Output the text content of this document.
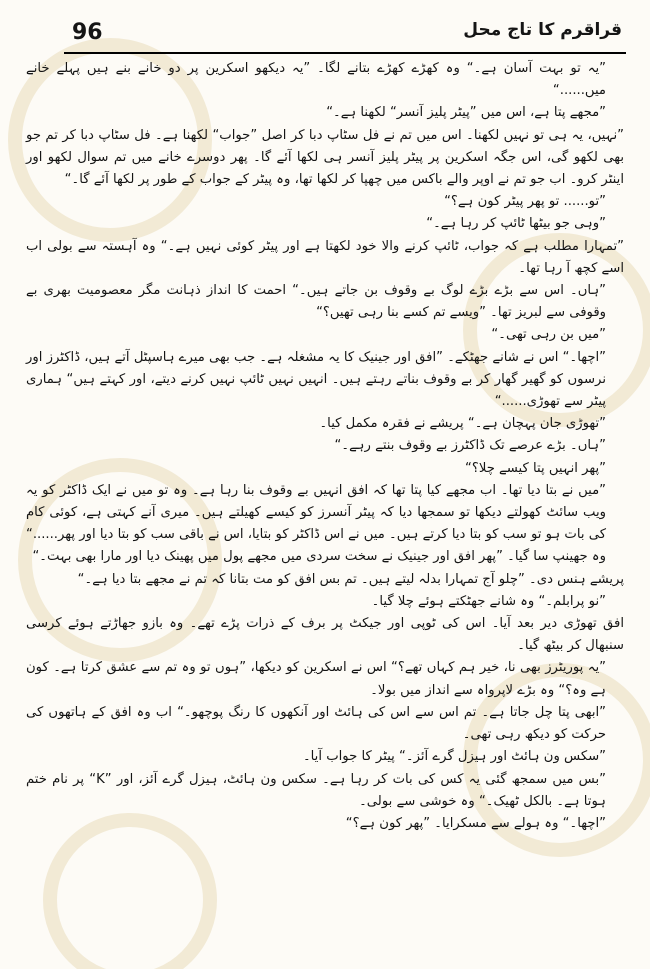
96	قراقرم کا تاج محل

”یہ تو بہت آسان ہے۔“ وہ کھڑے کھڑے بتانے لگا۔ ”یہ دیکھو اسکرین پر دو خانے بنے ہیں پہلے خانے میں......“

”مجھے پتا ہے، اس میں ”پیٹر پلیز آنسر“ لکھنا ہے۔“

”نہیں، یہ ہی تو نہیں لکھنا۔ اس میں تم نے فل سٹاپ دبا کر اصل ”جواب“ لکھنا ہے۔ فل سٹاپ دبا کر تم جو بھی لکھو گی، اس جگہ اسکرین پر پیٹر پلیز آنسر ہی لکھا آئے گا۔ پھر دوسرے خانے میں تم سوال لکھو اور اینٹر کرو۔ اب جو تم نے اوپر والے باکس میں چھپا کر لکھا تھا، وہ پیٹر کے جواب کے طور پر لکھا آئے گا۔“

”تو...... تو پھر پیٹر کون ہے؟“

”وہی جو بیٹھا ٹائپ کر رہا ہے۔“

”تمہارا مطلب ہے کہ جواب، ٹائپ کرنے والا خود لکھتا ہے اور پیٹر کوئی نہیں ہے۔“ وہ آہستہ سے بولی اب اسے کچھ آ رہا تھا۔

”ہاں۔ اس سے بڑے بڑے لوگ بے وقوف بن جاتے ہیں۔“ احمت کا انداز ذہانت مگر معصومیت بھری بے وقوفی سے لبریز تھا۔ ”ویسے تم کسے بنا رہی تھیں؟“

”میں بن رہی تھی۔“

”اچھا۔“ اس نے شانے جھٹکے۔ ”افق اور جینیک کا یہ مشغلہ ہے۔ جب بھی میرے ہاسپٹل آتے ہیں، ڈاکٹرز اور نرسوں کو گھیر گھار کر بے وقوف بناتے رہتے ہیں۔ انہیں نہیں ٹائپ نہیں کرنے دیتے، اور کہتے ہیں“ ہماری پیٹر سے تھوڑی......“

”تھوڑی جان پہچان ہے۔“ پریشے نے فقرہ مکمل کیا۔

”ہاں۔ بڑے عرصے تک ڈاکٹرز بے وقوف بنتے رہے۔“

”پھر انہیں پتا کیسے چلا؟“

”میں نے بتا دیا تھا۔ اب مجھے کیا پتا تھا کہ افق انہیں بے وقوف بنا رہا ہے۔ وہ تو میں نے ایک ڈاکٹر کو یہ ویب سائٹ کھولتے دیکھا تو سمجھا دیا کہ پیٹر آنسرز کو کیسے کھیلتے ہیں۔ میری آنے کہتی ہے، کوئی کام کی بات ہو تو سب کو بتا دیا کرتے ہیں۔ میں نے اس ڈاکٹر کو بتایا، اس نے باقی سب کو بتا دیا اور پھر......“ وہ جھینپ سا گیا۔ ”پھر افق اور جینیک نے سخت سردی میں مجھے پول میں پھینک دیا اور مارا بھی بہت۔“

پریشے ہنس دی۔ ”چلو آج تمہارا بدلہ لیتے ہیں۔ تم بس افق کو مت بتانا کہ تم نے مجھے بتا دیا ہے۔“

”نو پرابلم۔“ وہ شانے جھٹکتے ہوئے چلا گیا۔

افق تھوڑی دیر بعد آیا۔ اس کی ٹوپی اور جیکٹ پر برف کے ذرات پڑے تھے۔ وہ بازو جھاڑتے ہوئے کرسی سنبھال کر بیٹھ گیا۔

”یہ پوریٹرز بھی نا، خیر ہم کہاں تھے؟“ اس نے اسکرین کو دیکھا، ”ہوں تو وہ تم سے عشق کرتا ہے۔ کون ہے وہ؟“ وہ بڑے لاپرواہ سے انداز میں بولا۔

”ابھی پتا چل جاتا ہے۔ تم اس سے اس کی ہائٹ اور آنکھوں کا رنگ پوچھو۔“ اب وہ افق کے ہاتھوں کی حرکت کو دیکھ رہی تھی۔

”سکس ون ہائٹ اور ہیزل گرے آئز۔“ پیٹر کا جواب آیا۔

”بس میں سمجھ گئی یہ کس کی بات کر رہا ہے۔ سکس ون ہائٹ، ہیزل گرے آئز، اور ”K“ پر نام ختم ہوتا ہے۔ بالکل ٹھیک۔“ وہ خوشی سے بولی۔

”اچھا۔“ وہ ہولے سے مسکرایا۔ ”پھر کون ہے؟“
